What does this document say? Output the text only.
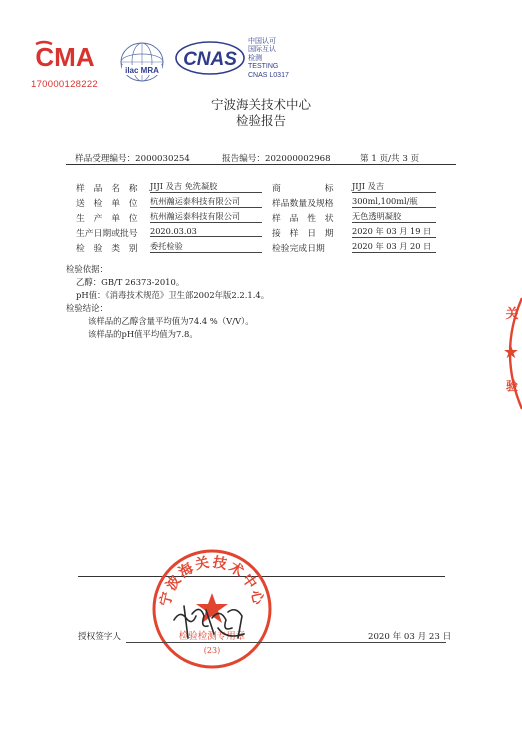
CMA
170000128222
ilac MRA
CNAS
中国认可
国际互认
检测
TESTING
CNAS L0317
宁波海关技术中心
检验报告
样品受理编号：2000030254	报告编号：202000002968	第 1 页/共 3 页
样　品　名　称 JIJI 及吉 免洗凝胶	商　　　　　标 JIJI 及吉
送　检　单　位 杭州瀚运泰科技有限公司	样品数量及规格 300ml,100ml/瓶
生　产　单　位 杭州瀚运泰科技有限公司	样　品　性　状 无色透明凝胶
生产日期或批号 2020.03.03	接　样　日　期 2020 年 03 月 19 日
检　验　类　别 委托检验	检验完成日期	2020 年 03 月 20 日
检验依据：
乙醇：GB/T 26373-2010。
pH值：《消毒技术规范》卫生部2002年版2.2.1.4。
检验结论：
该样品的乙醇含量平均值为74.4 %（V/V）。
该样品的pH值平均值为7.8。
宁波海关技术中心
检验检测专用章
(23)
授权签字人	2020 年 03 月 23 日
关
★
验
